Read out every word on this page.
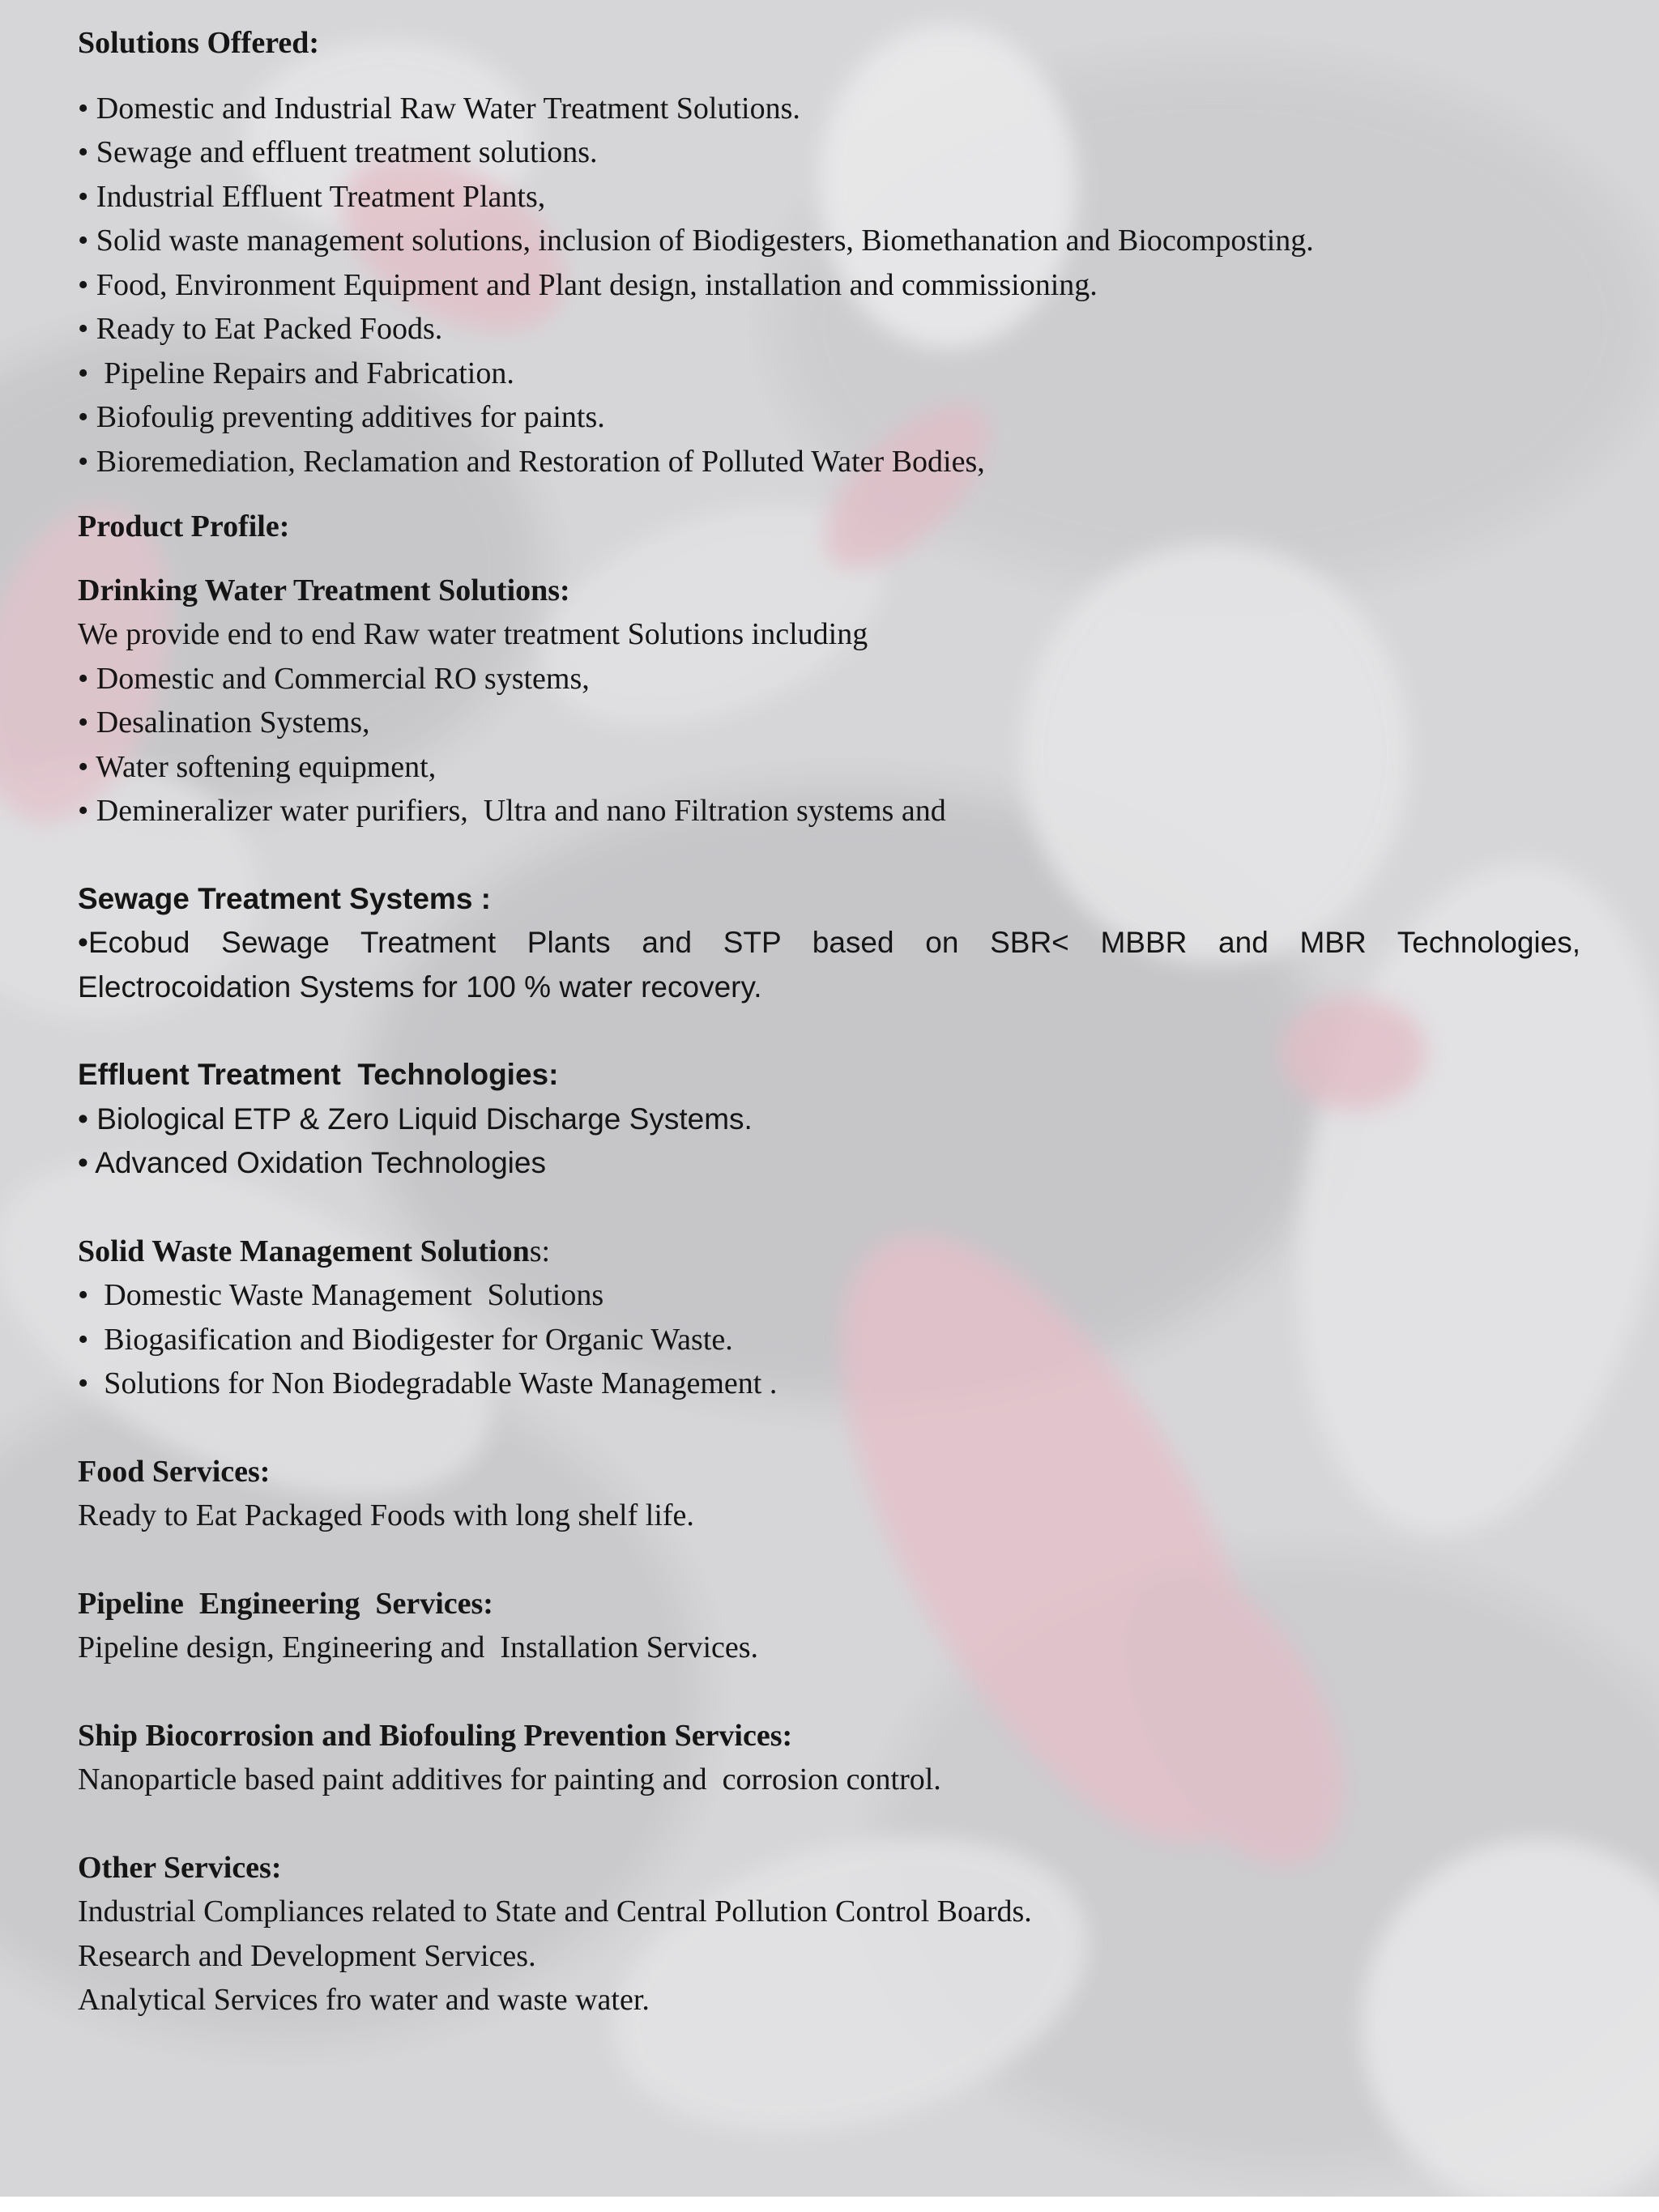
Solutions Offered:

• Domestic and Industrial Raw Water Treatment Solutions.

• Sewage and effluent treatment solutions.

• Industrial Effluent Treatment Plants,

• Solid waste management solutions, inclusion of Biodigesters, Biomethanation and Biocomposting.

• Food, Environment Equipment and Plant design, installation and commissioning.

• Ready to Eat Packed Foods.

•  Pipeline Repairs and Fabrication.

• Biofoulig preventing additives for paints.

• Bioremediation, Reclamation and Restoration of Polluted Water Bodies,

Product Profile:

Drinking Water Treatment Solutions:

We provide end to end Raw water treatment Solutions including

• Domestic and Commercial RO systems,

• Desalination Systems,

• Water softening equipment,

• Demineralizer water purifiers,  Ultra and nano Filtration systems and

Sewage Treatment Systems :

•Ecobud Sewage Treatment Plants and STP based on SBR< MBBR and MBR Technologies,

Electrocoidation Systems for 100 % water recovery.

Effluent Treatment  Technologies:

• Biological ETP & Zero Liquid Discharge Systems.

• Advanced Oxidation Technologies

Solid Waste Management Solutions:

•  Domestic Waste Management  Solutions

•  Biogasification and Biodigester for Organic Waste.

•  Solutions for Non Biodegradable Waste Management .

Food Services:

Ready to Eat Packaged Foods with long shelf life.

Pipeline  Engineering  Services:

Pipeline design, Engineering and  Installation Services.

Ship Biocorrosion and Biofouling Prevention Services:

Nanoparticle based paint additives for painting and  corrosion control.

Other Services:

Industrial Compliances related to State and Central Pollution Control Boards.

Research and Development Services.

Analytical Services fro water and waste water.
